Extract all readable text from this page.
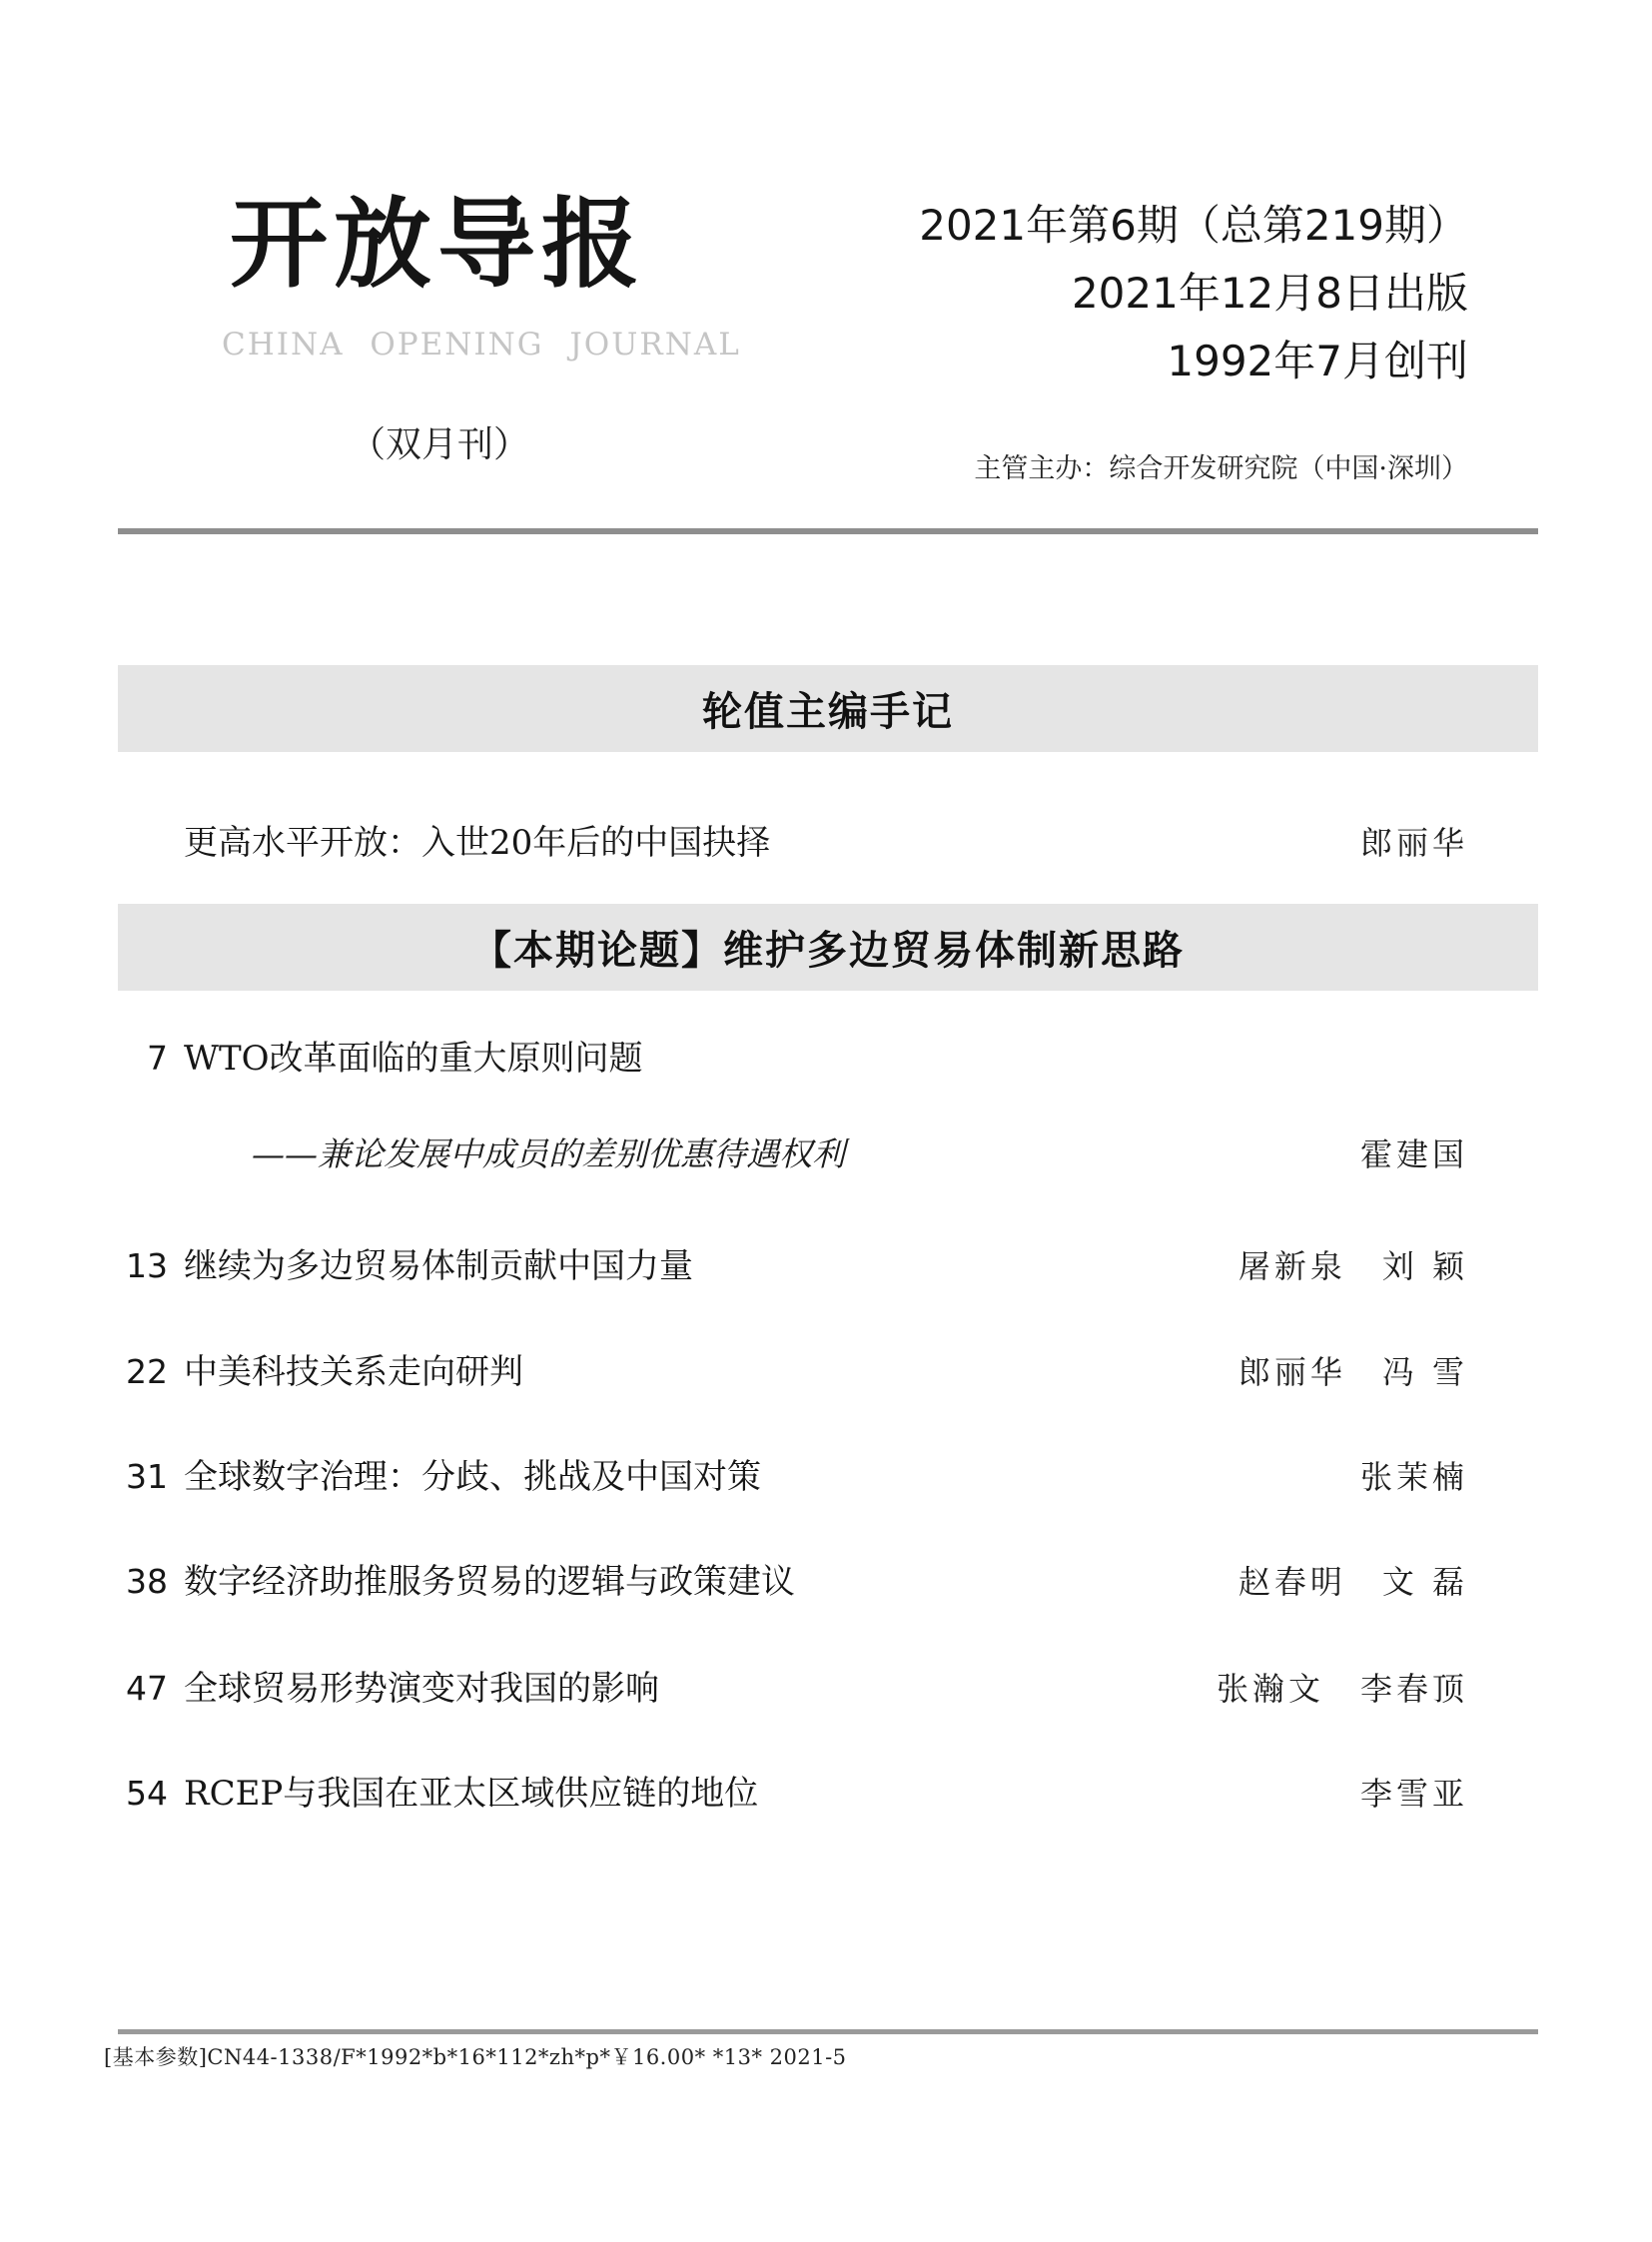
开放导报
CHINA OPENING JOURNAL
（双月刊）
2021年第6期（总第219期）
2021年12月8日出版
1992年7月创刊
主管主办：综合开发研究院（中国·深圳）
轮值主编手记
更高水平开放：入世20年后的中国抉择	郎丽华
【本期论题】维护多边贸易体制新思路
7 WTO改革面临的重大原则问题
——兼论发展中成员的差别优惠待遇权利	霍建国
13 继续为多边贸易体制贡献中国力量	屠新泉　刘 颖
22 中美科技关系走向研判	郎丽华　冯 雪
31 全球数字治理：分歧、挑战及中国对策	张茉楠
38 数字经济助推服务贸易的逻辑与政策建议	赵春明　文 磊
47 全球贸易形势演变对我国的影响	张瀚文　李春顶
54 RCEP与我国在亚太区域供应链的地位	李雪亚
[基本参数]CN44-1338/F*1992*b*16*112*zh*p*￥16.00* *13* 2021-5
